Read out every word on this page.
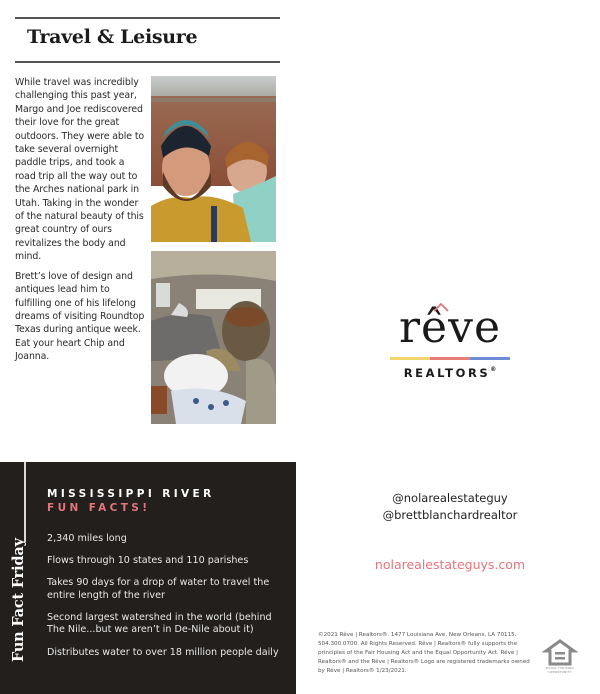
Travel & Leisure

While travel was incredibly challenging this past year, Margo and Joe rediscovered their love for the great outdoors. They were able to take several overnight paddle trips, and took a road trip all the way out to the Arches national park in Utah. Taking in the wonder of the natural beauty of this great country of ours revitalizes the body and mind.

Brett’s love of design and antiques lead him to fulfilling one of his lifelong dreams of visiting Roundtop Texas during antique week. Eat your heart Chip and Joanna.

rêve
REALTORS®
Fun Fact Friday
MISSISSIPPI RIVER
FUN FACTS!
2,340 miles long
Flows through 10 states and 110 parishes
Takes 90 days for a drop of water to travel the entire length of the river
Second largest watershed in the world (behind The Nile...but we aren’t in De-Nile about it)
Distributes water to over 18 million people daily
@nolarealestateguy
@brettblanchardrealtor
nolarealestateguys.com
©2021 Rêve | Realtors®. 1477 Louisiana Ave. New Orleans, LA 70115. 504.300.0700. All Rights Reserved. Rêve | Realtors® fully supports the principles of the Fair Housing Act and the Equal Opportunity Act. Rêve | Realtors® and the Rêve | Realtors® Logo are registered trademarks owned by Rêve | Realtors® 1/23/2021.	EQUAL HOUSING OPPORTUNITY
